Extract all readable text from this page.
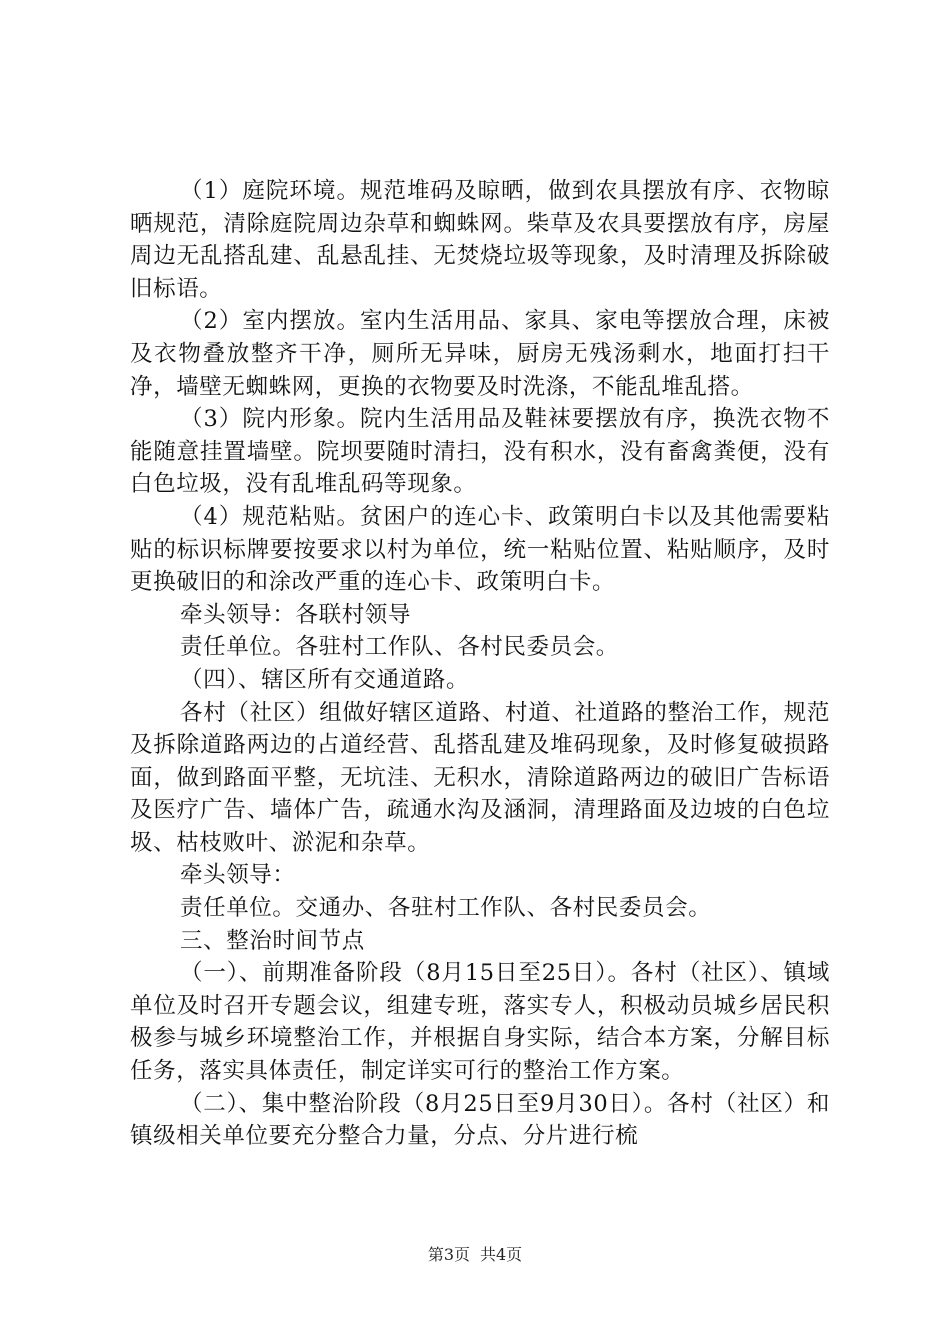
（1）庭院环境。规范堆码及晾晒，做到农具摆放有序、衣物晾晒规范，清除庭院周边杂草和蜘蛛网。柴草及农具要摆放有序，房屋周边无乱搭乱建、乱悬乱挂、无焚烧垃圾等现象，及时清理及拆除破旧标语。

（2）室内摆放。室内生活用品、家具、家电等摆放合理，床被及衣物叠放整齐干净，厕所无异味，厨房无残汤剩水，地面打扫干净，墙壁无蜘蛛网，更换的衣物要及时洗涤，不能乱堆乱搭。

（3）院内形象。院内生活用品及鞋袜要摆放有序，换洗衣物不能随意挂置墙壁。院坝要随时清扫，没有积水，没有畜禽粪便，没有白色垃圾，没有乱堆乱码等现象。

（4）规范粘贴。贫困户的连心卡、政策明白卡以及其他需要粘贴的标识标牌要按要求以村为单位，统一粘贴位置、粘贴顺序，及时更换破旧的和涂改严重的连心卡、政策明白卡。

牵头领导：各联村领导

责任单位。各驻村工作队、各村民委员会。

（四）、辖区所有交通道路。

各村（社区）组做好辖区道路、村道、社道路的整治工作，规范及拆除道路两边的占道经营、乱搭乱建及堆码现象，及时修复破损路面，做到路面平整，无坑洼、无积水，清除道路两边的破旧广告标语及医疗广告、墙体广告，疏通水沟及涵洞，清理路面及边坡的白色垃圾、枯枝败叶、淤泥和杂草。

牵头领导：

责任单位。交通办、各驻村工作队、各村民委员会。

三、整治时间节点

（一）、前期准备阶段（8月15日至25日）。各村（社区）、镇域单位及时召开专题会议，组建专班，落实专人，积极动员城乡居民积极参与城乡环境整治工作，并根据自身实际，结合本方案，分解目标任务，落实具体责任，制定详实可行的整治工作方案。

（二）、集中整治阶段（8月25日至9月30日）。各村（社区）和镇级相关单位要充分整合力量，分点、分片进行梳

第3页 共4页
